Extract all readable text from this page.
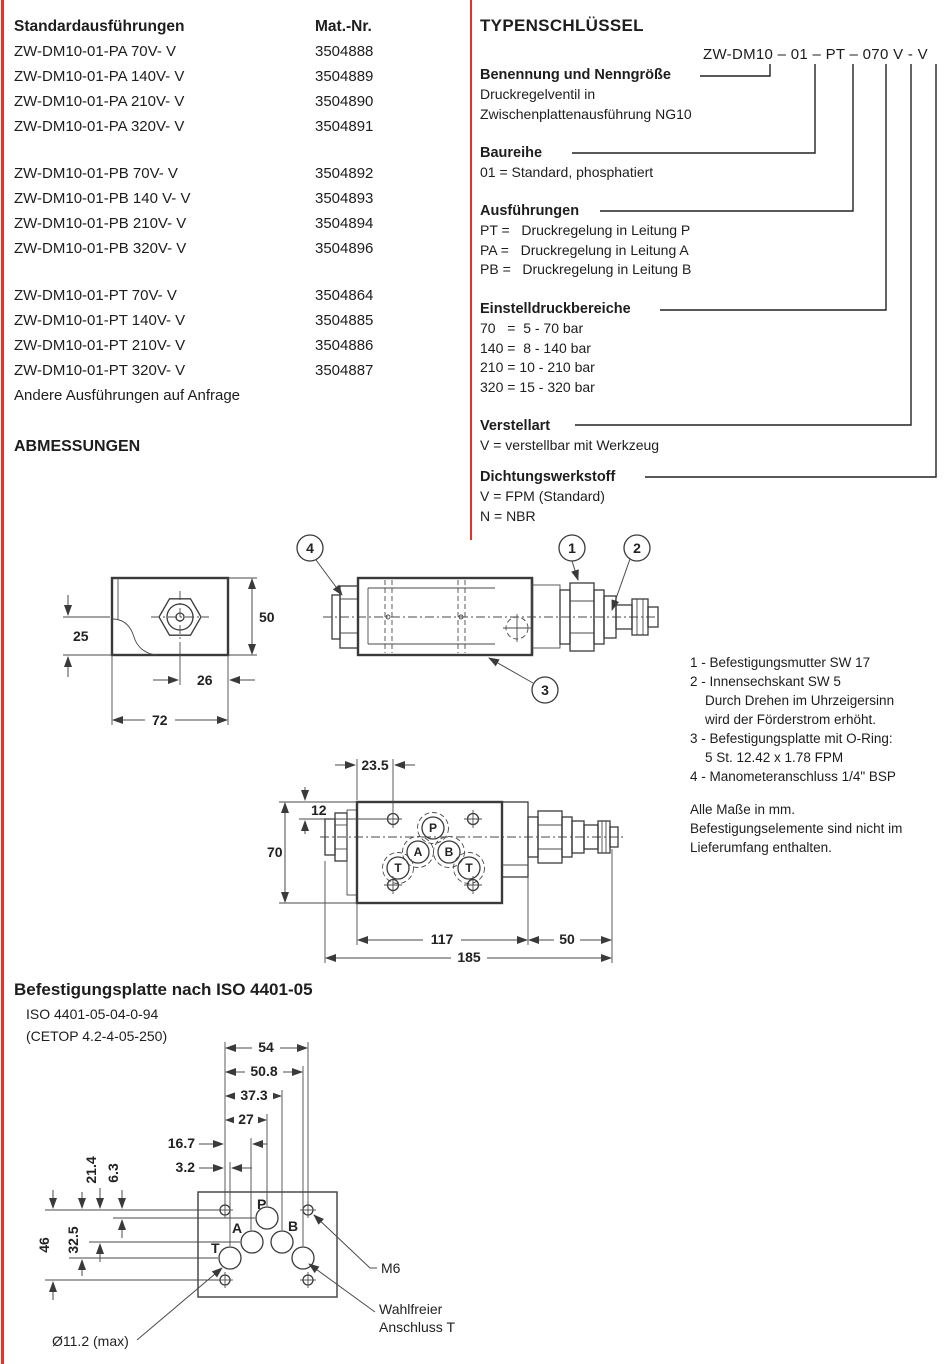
Standardausführungen	Mat.-Nr.
ZW-DM10-01-PA 70V- V	3504888
ZW-DM10-01-PA 140V- V	3504889
ZW-DM10-01-PA 210V- V	3504890
ZW-DM10-01-PA 320V- V	3504891
ZW-DM10-01-PB 70V- V	3504892
ZW-DM10-01-PB 140 V- V	3504893
ZW-DM10-01-PB 210V- V	3504894
ZW-DM10-01-PB 320V- V	3504896
ZW-DM10-01-PT 70V- V	3504864
ZW-DM10-01-PT 140V- V	3504885
ZW-DM10-01-PT 210V- V	3504886
ZW-DM10-01-PT 320V- V	3504887
Andere Ausführungen auf Anfrage
ABMESSUNGEN
TYPENSCHLÜSSEL
ZW-DM10 – 01 – PT – 070 V - V
Benennung und Nenngröße
Druckregelventil in
Zwischenplattenausführung NG10
Baureihe
01 = Standard, phosphatiert
Ausführungen
PT =   Druckregelung in Leitung P
PA =   Druckregelung in Leitung A
PB =   Druckregelung in Leitung B
Einstelldruckbereiche
70   =  5 - 70 bar
140 =  8 - 140 bar
210 = 10 - 210 bar
320 = 15 - 320 bar
Verstellart
V = verstellbar mit Werkzeug
Dichtungswerkstoff
V = FPM (Standard)
N = NBR
25
50
26
72
4	1	2
3
P
A B
T	T
23.5
12
70
117	50
185
1 - Befestigungsmutter SW 17
2 - Innensechskant SW 5
Durch Drehen im Uhrzeigersinn
wird der Förderstrom erhöht.
3 - Befestigungsplatte mit O-Ring:
5 St. 12.42 x 1.78 FPM
4 - Manometeranschluss 1/4" BSP
Alle Maße in mm.
Befestigungselemente sind nicht im
Lieferumfang enthalten.
Befestigungsplatte nach ISO 4401-05
ISO 4401-05-04-0-94
(CETOP 4.2-4-05-250)
P
A	B
T
54
50.8
37.3
27
16.7
3.2
46 32.5
21.4 6.3
M6
Wahlfreier
Anschluss T
Ø11.2 (max)
